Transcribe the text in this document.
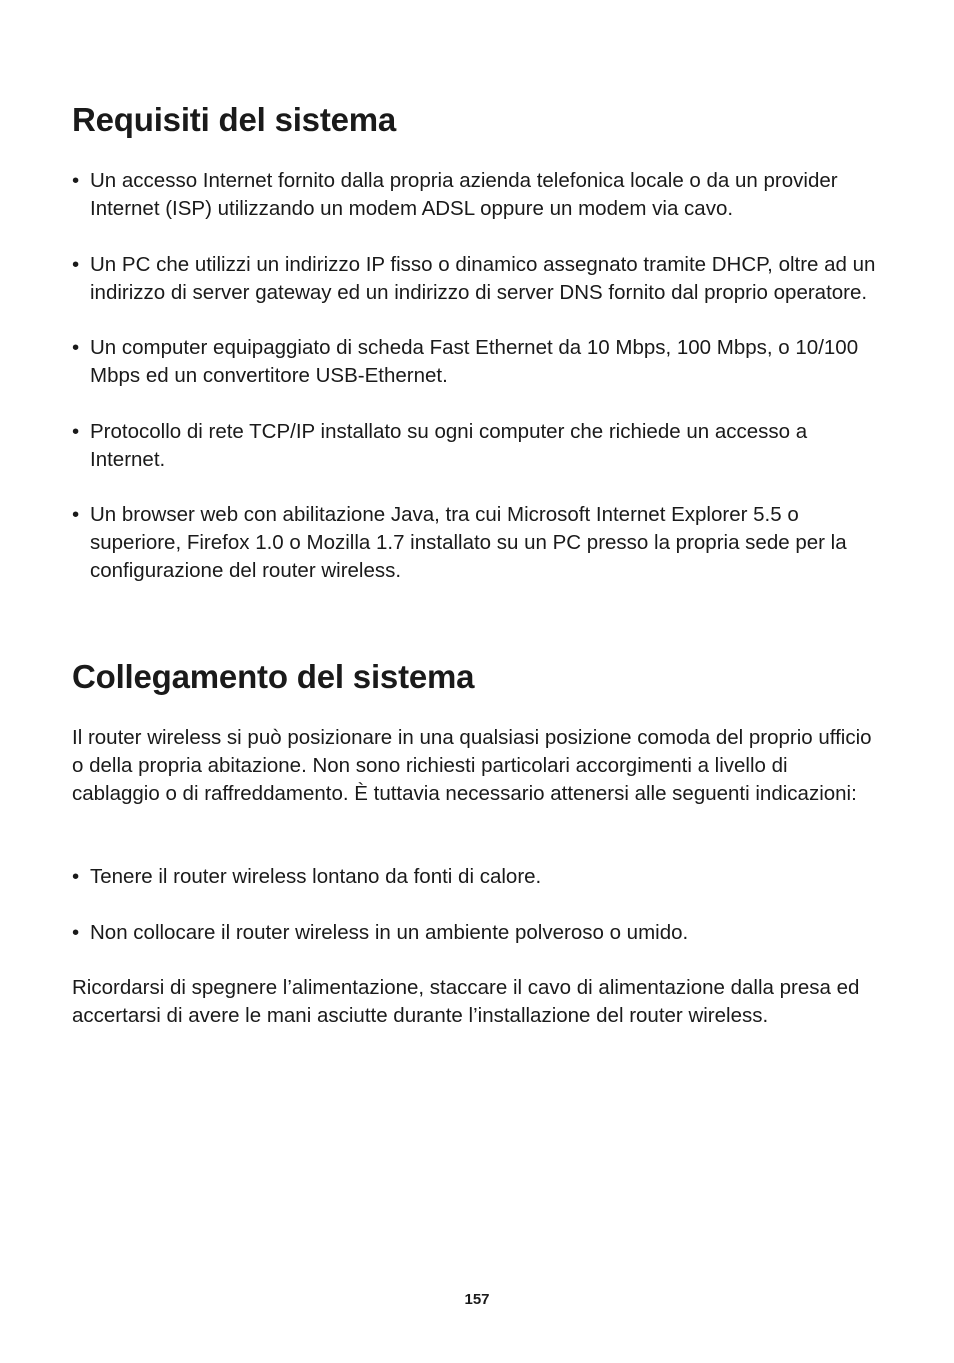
Requisiti del sistema
• Un accesso Internet fornito dalla propria azienda telefonica locale o da un provider Internet (ISP) utilizzando un modem ADSL oppure un modem via cavo.
• Un PC che utilizzi un indirizzo IP fisso o dinamico assegnato tramite DHCP, oltre ad un indirizzo di server gateway ed un indirizzo di server DNS fornito dal proprio operatore.
• Un computer equipaggiato di scheda Fast Ethernet da 10 Mbps, 100 Mbps, o 10/100 Mbps ed un convertitore USB-Ethernet.
• Protocollo di rete TCP/IP installato su ogni computer che richiede un accesso a Internet.
• Un browser web con abilitazione Java, tra cui Microsoft Internet Explorer 5.5 o superiore, Firefox 1.0 o Mozilla 1.7 installato su un PC presso la propria sede per la configurazione del router wireless.
Collegamento del sistema

Il router wireless si può posizionare in una qualsiasi posizione comoda del proprio ufficio o della propria abitazione. Non sono richiesti particolari accorgimenti a livello di cablaggio o di raffreddamento. È tuttavia necessario attenersi alle seguenti indicazioni:

• Tenere il router wireless lontano da fonti di calore.
• Non collocare il router wireless in un ambiente polveroso o umido.

Ricordarsi di spegnere l’alimentazione, staccare il cavo di alimentazione dalla presa ed accertarsi di avere le mani asciutte durante l’installazione del router wireless.

157
